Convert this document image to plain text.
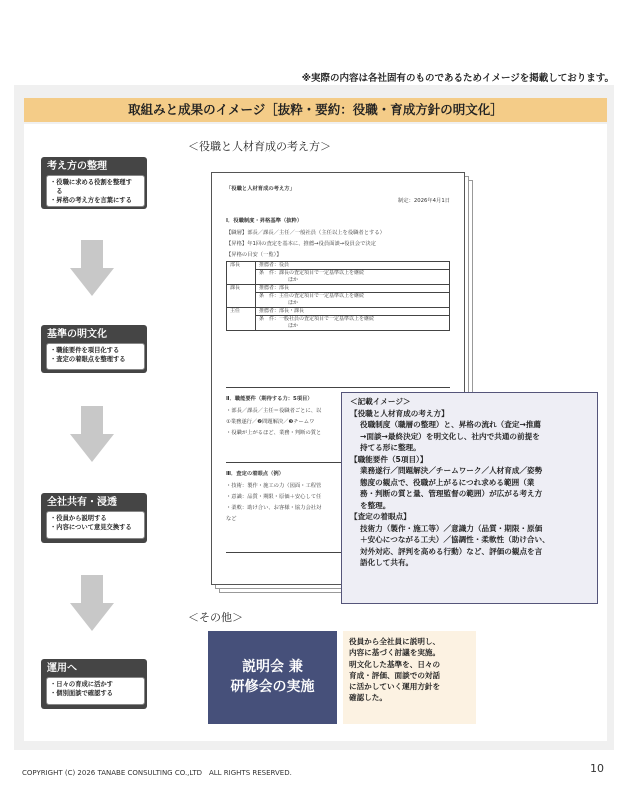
※実際の内容は各社固有のものであるためイメージを掲載しております。
取組みと成果のイメージ［抜粋・要約：役職・育成方針の明文化］
考え方の整理
・役職に求める役割を整理す
　る
・昇格の考え方を言葉にする
基準の明文化
・職能要件を項目化する
・査定の着眼点を整理する
全社共有・浸透
・役員から説明する
・内容について意見交換する
運用へ
・日々の育成に活かす
・個別面談で確認する
＜役職と人材育成の考え方＞
「役職と人材育成の考え方」
制定：2026年4月1日
Ⅰ．役職制度・昇格基準（抜粋）
【職層】部長／課長／主任／一般社員（主任以上を役職者とする）
【昇格】年1回の査定を基本に、推薦→役員面談→役員会で決定
【昇格の目安（一覧）】
部長	推薦者：役員
	条　件：課長の査定項目で一定基準以上を継続
	ほか
課長	推薦者：部長
	条　件：主任の査定項目で一定基準以上を継続
	ほか
主任	推薦者：部長・課長
	条　件：一般社員の査定項目で一定基準以上を継続
	ほか
Ⅱ．職能要件（期待する力：5項目）
・部長／課長／主任＝役職者ごとに、以
①業務遂行／❷問題解決／❸チームワ
・役職が上がるほど、業務・判断の質と
Ⅲ．査定の着眼点（例）
・技術：製作・施工の力（図面・工程管
・意識：品質・期限・原価＋安心して任
・柔軟：助け合い、お客様・協力会社対
など
＜記載イメージ＞
【役職と人材育成の考え方】
役職制度（職層の整理）と、昇格の流れ（査定→推薦
→面談→最終決定）を明文化し、社内で共通の前提を
持てる形に整理。
【職能要件（5項目）】
業務遂行／問題解決／チームワーク／人材育成／姿勢
態度の観点で、役職が上がるにつれ求める範囲（業
務・判断の質と量、管理監督の範囲）が広がる考え方
を整理。
【査定の着眼点】
技術力（製作・施工等）／意識力（品質・期限・原価
＋安心につながる工夫）／協調性・柔軟性（助け合い、
対外対応、評判を高める行動）など、評価の観点を言
語化して共有。
＜その他＞
説明会 兼
研修会の実施
役員から全社員に説明し、
内容に基づく討議を実施。
明文化した基準を、日々の
育成・評価、面談での対話
に活かしていく運用方針を
確認した。
COPYRIGHT (C) 2026 TANABE CONSULTING CO.,LTD　ALL RIGHTS RESERVED.	10
